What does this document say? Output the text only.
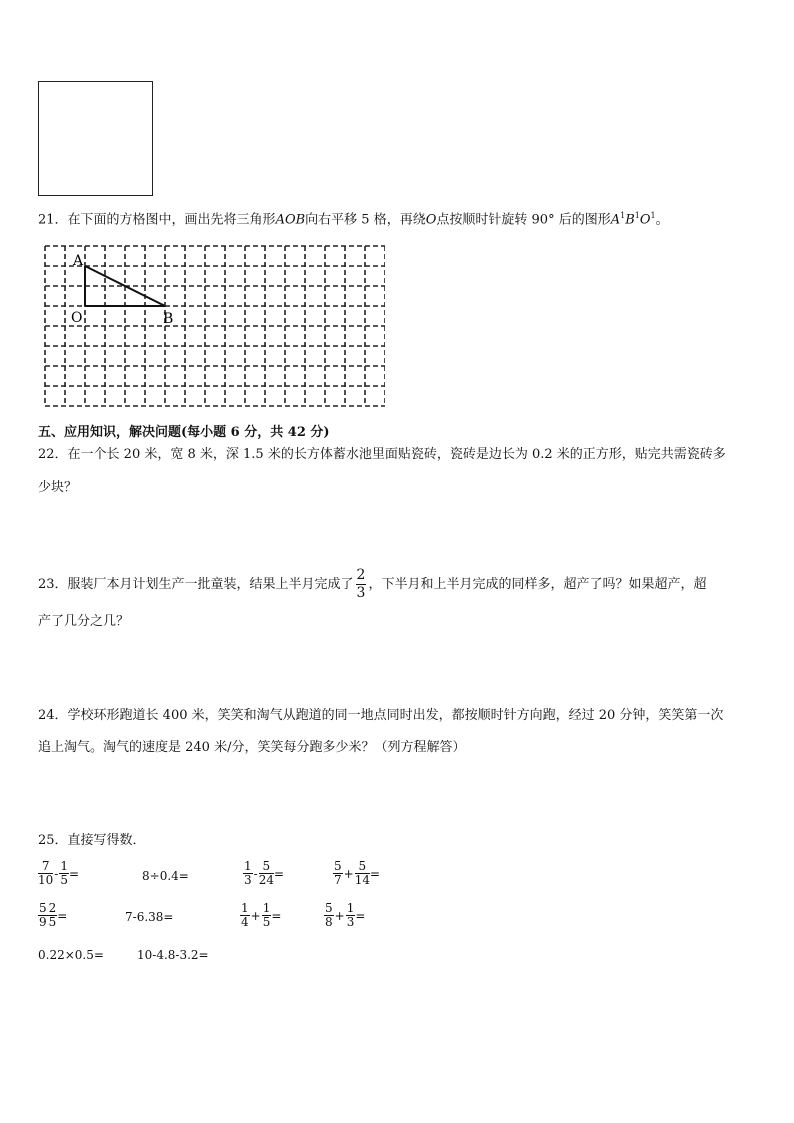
21．在下面的方格图中，画出先将三角形AOB向右平移 5 格，再绕O点按顺时针旋转 90° 后的图形$A^1B^1O^1$。
A
O	B
五、应用知识，解决问题(每小题 6 分，共 42 分)
22．在一个长 20 米，宽 8 米，深 1.5 米的长方体蓄水池里面贴瓷砖，瓷砖是边长为 0.2 米的正方形，贴完共需瓷砖多
少块？
23．服装厂本月计划生产一批童装，结果上半月完成了 $\frac{2}{3}$ ，下半月和上半月完成的同样多，超产了吗？如果超产，超
产了几分之几？
24．学校环形跑道长 400 米，笑笑和淘气从跑道的同一地点同时出发，都按顺时针方向跑，经过 20 分钟，笑笑第一次
追上淘气。淘气的速度是 240 米/分，笑笑每分跑多少米？（列方程解答）
25．直接写得数．
$\frac{7}{10} - \frac{1}{5}$ =	8÷0.4=	$\frac{1}{3} - \frac{5}{24}$ =	$\frac{5}{7} + \frac{5}{14}$ =
$\frac{5}{9} \frac{2}{5}$ =	7-6.38=	$\frac{1}{4} + \frac{1}{5}$ =	$\frac{5}{8} + \frac{1}{3}$ =
0.22×0.5=	10-4.8-3.2=
